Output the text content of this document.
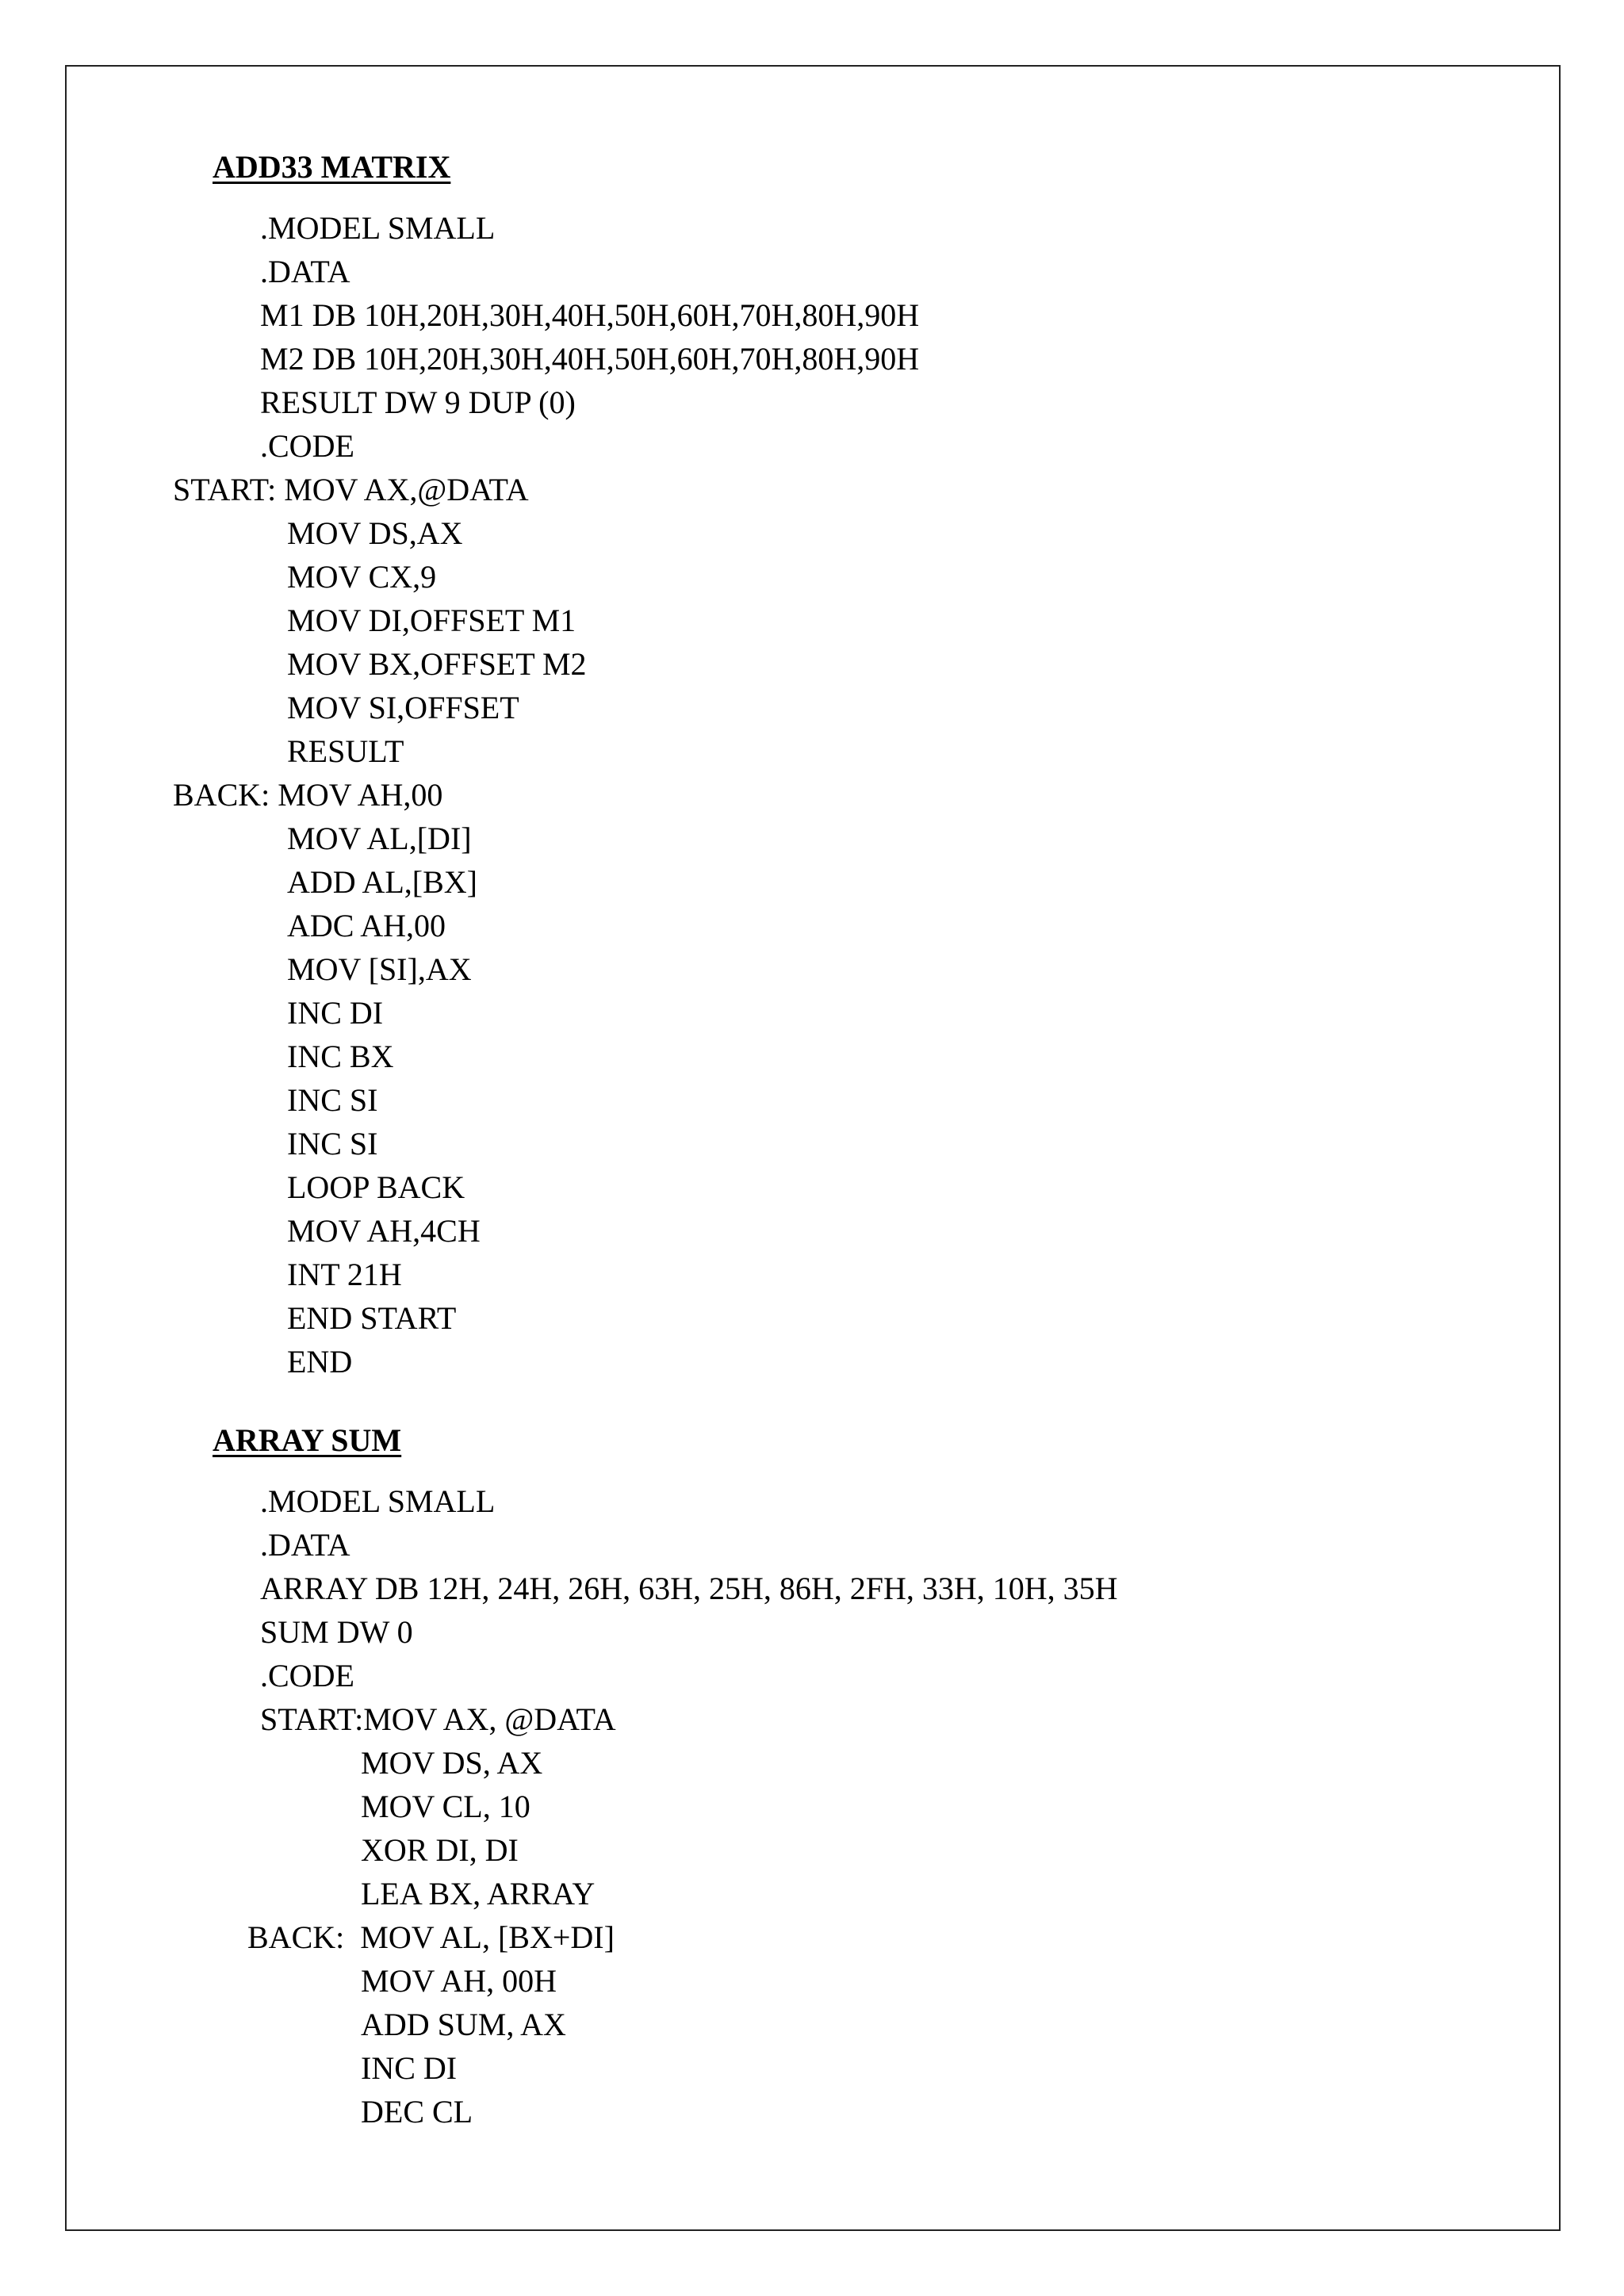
ADD33 MATRIX
.MODEL SMALL
.DATA
M1 DB 10H,20H,30H,40H,50H,60H,70H,80H,90H
M2 DB 10H,20H,30H,40H,50H,60H,70H,80H,90H
RESULT DW 9 DUP (0)
.CODE
START: MOV AX,@DATA
MOV DS,AX
MOV CX,9
MOV DI,OFFSET M1
MOV BX,OFFSET M2
MOV SI,OFFSET
RESULT
BACK: MOV AH,00
MOV AL,[DI]
ADD AL,[BX]
ADC AH,00
MOV [SI],AX
INC DI
INC BX
INC SI
INC SI
LOOP BACK
MOV AH,4CH
INT 21H
END START
END
ARRAY SUM
.MODEL SMALL
.DATA
ARRAY DB 12H, 24H, 26H, 63H, 25H, 86H, 2FH, 33H, 10H, 35H
SUM DW 0
.CODE
START:MOV AX, @DATA
MOV DS, AX
MOV CL, 10
XOR DI, DI
LEA BX, ARRAY
BACK:  MOV AL, [BX+DI]
MOV AH, 00H
ADD SUM, AX
INC DI
DEC CL
